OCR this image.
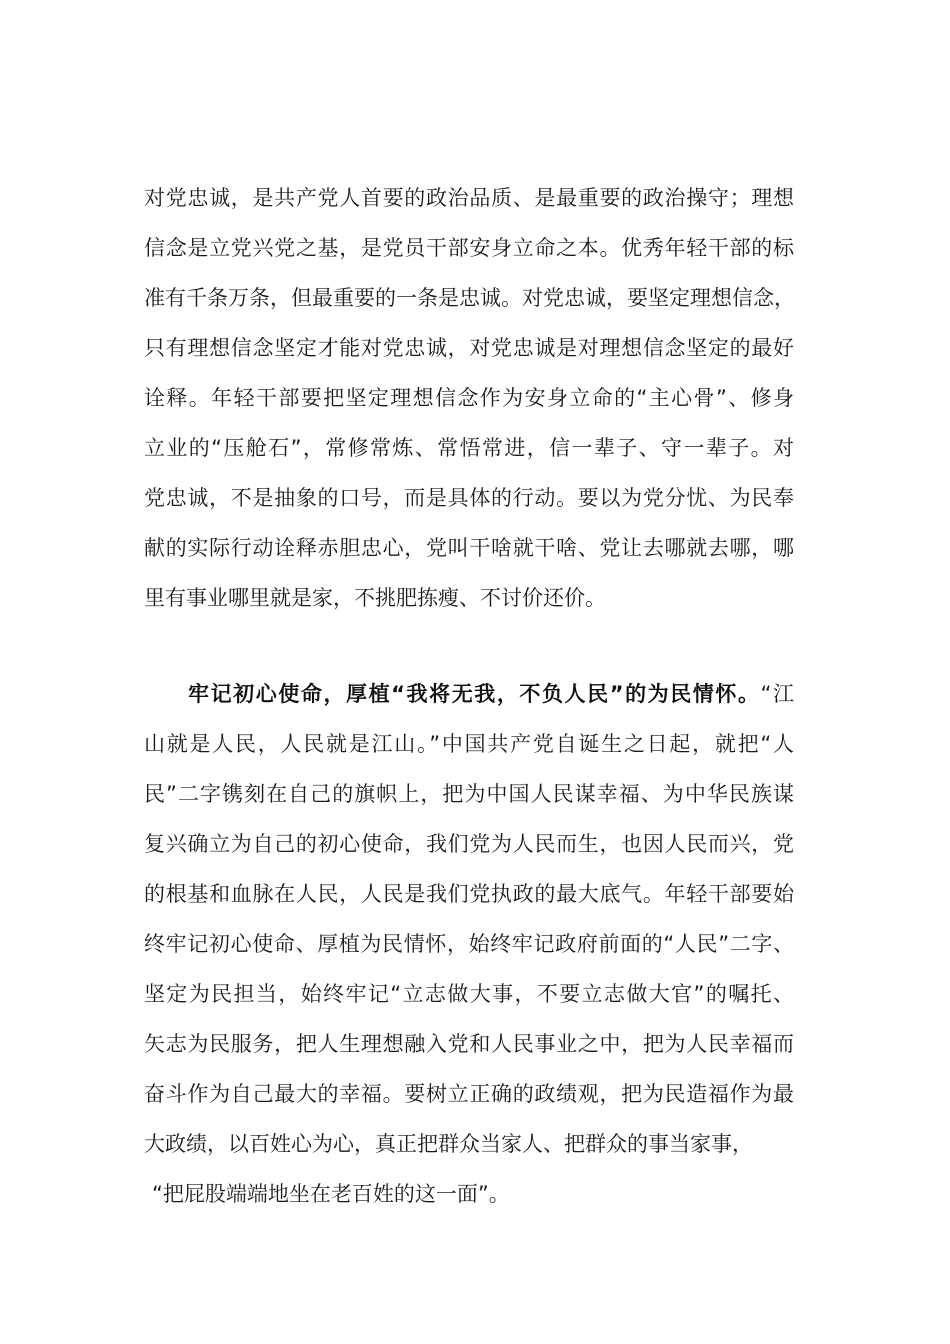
对党忠诚，是共产党人首要的政治品质、是最重要的政治操守；理想
信念是立党兴党之基，是党员干部安身立命之本。优秀年轻干部的标
准有千条万条，但最重要的一条是忠诚。对党忠诚，要坚定理想信念，
只有理想信念坚定才能对党忠诚，对党忠诚是对理想信念坚定的最好
诠释。年轻干部要把坚定理想信念作为安身立命的“主心骨”、修身
立业的“压舱石”，常修常炼、常悟常进，信一辈子、守一辈子。对
党忠诚，不是抽象的口号，而是具体的行动。要以为党分忧、为民奉
献的实际行动诠释赤胆忠心，党叫干啥就干啥、党让去哪就去哪，哪
里有事业哪里就是家，不挑肥拣瘦、不讨价还价。
牢记初心使命，厚植“我将无我，不负人民”的为民情怀。“江
山就是人民，人民就是江山。”中国共产党自诞生之日起，就把“人
民”二字镌刻在自己的旗帜上，把为中国人民谋幸福、为中华民族谋
复兴确立为自己的初心使命，我们党为人民而生，也因人民而兴，党
的根基和血脉在人民，人民是我们党执政的最大底气。年轻干部要始
终牢记初心使命、厚植为民情怀，始终牢记政府前面的“人民”二字、
坚定为民担当，始终牢记“立志做大事，不要立志做大官”的嘱托、
矢志为民服务，把人生理想融入党和人民事业之中，把为人民幸福而
奋斗作为自己最大的幸福。要树立正确的政绩观，把为民造福作为最
大政绩，以百姓心为心，真正把群众当家人、把群众的事当家事，
“把屁股端端地坐在老百姓的这一面”。
